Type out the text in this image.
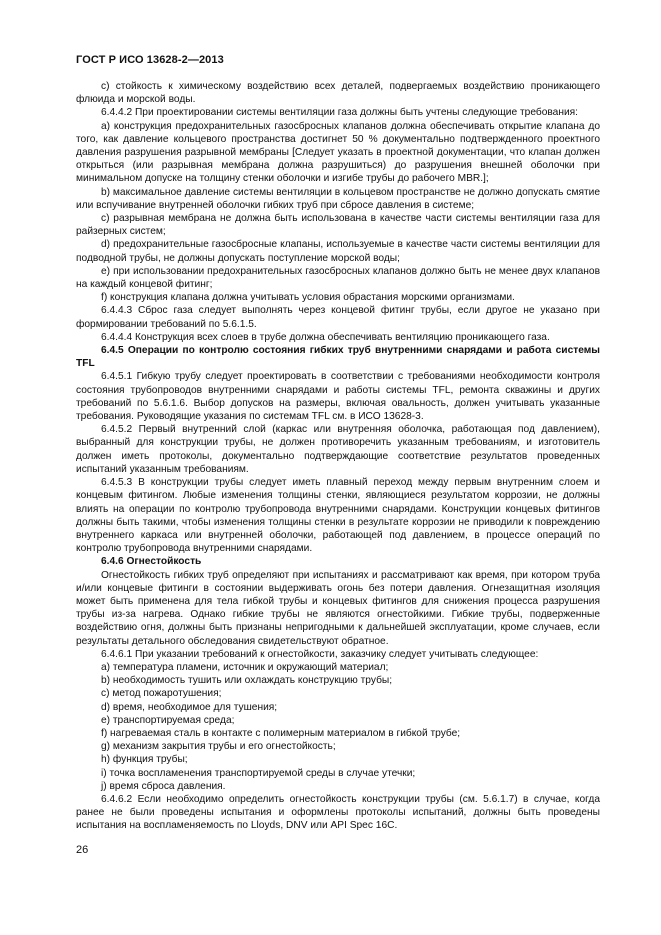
ГОСТ Р ИСО 13628-2—2013

с) стойкость к химическому воздействию всех деталей, подвергаемых воздействию проникающего флюида и морской воды.

6.4.4.2 При проектировании системы вентиляции газа должны быть учтены следующие требования:

а) конструкция предохранительных газосбросных клапанов должна обеспечивать открытие клапана до того, как давление кольцевого пространства достигнет 50 % документально подтвержденного проектного давления разрушения разрывной мембраны [Следует указать в проектной документации, что клапан должен открыться (или разрывная мембрана должна разрушиться) до разрушения внешней оболочки при минимальном допуске на толщину стенки оболочки и изгибе трубы до рабочего MBR.];

b) максимальное давление системы вентиляции в кольцевом пространстве не должно допускать смятие или вспучивание внутренней оболочки гибких труб при сбросе давления в системе;

с) разрывная мембрана не должна быть использована в качестве части системы вентиляции газа для райзерных систем;

d) предохранительные газосбросные клапаны, используемые в качестве части системы вентиляции для подводной трубы, не должны допускать поступление морской воды;

е) при использовании предохранительных газосбросных клапанов должно быть не менее двух клапанов на каждый концевой фитинг;

f) конструкция клапана должна учитывать условия обрастания морскими организмами.

6.4.4.3 Сброс газа следует выполнять через концевой фитинг трубы, если другое не указано при формировании требований по 5.6.1.5.

6.4.4.4 Конструкция всех слоев в трубе должна обеспечивать вентиляцию проникающего газа.

6.4.5 Операции по контролю состояния гибких труб внутренними снарядами и работа системы TFL

6.4.5.1 Гибкую трубу следует проектировать в соответствии с требованиями необходимости контроля состояния трубопроводов внутренними снарядами и работы системы TFL, ремонта скважины и других требований по 5.6.1.6. Выбор допусков на размеры, включая овальность, должен учитывать указанные требования. Руководящие указания по системам TFL см. в ИСО 13628-3.

6.4.5.2 Первый внутренний слой (каркас или внутренняя оболочка, работающая под давлением), выбранный для конструкции трубы, не должен противоречить указанным требованиям, и изготовитель должен иметь протоколы, документально подтверждающие соответствие результатов проведенных испытаний указанным требованиям.

6.4.5.3 В конструкции трубы следует иметь плавный переход между первым внутренним слоем и концевым фитингом. Любые изменения толщины стенки, являющиеся результатом коррозии, не должны влиять на операции по контролю трубопровода внутренними снарядами. Конструкции концевых фитингов должны быть такими, чтобы изменения толщины стенки в результате коррозии не приводили к повреждению внутреннего каркаса или внутренней оболочки, работающей под давлением, в процессе операций по контролю трубопровода внутренними снарядами.

6.4.6 Огнестойкость

Огнестойкость гибких труб определяют при испытаниях и рассматривают как время, при котором труба и/или концевые фитинги в состоянии выдерживать огонь без потери давления. Огнезащитная изоляция может быть применена для тела гибкой трубы и концевых фитингов для снижения процесса разрушения трубы из-за нагрева. Однако гибкие трубы не являются огнестойкими. Гибкие трубы, подверженные воздействию огня, должны быть признаны непригодными к дальнейшей эксплуатации, кроме случаев, если результаты детального обследования свидетельствуют обратное.

6.4.6.1 При указании требований к огнестойкости, заказчику следует учитывать следующее:

а) температура пламени, источник и окружающий материал;

b) необходимость тушить или охлаждать конструкцию трубы;

с) метод пожаротушения;

d) время, необходимое для тушения;

е) транспортируемая среда;

f) нагреваемая сталь в контакте с полимерным материалом в гибкой трубе;

g) механизм закрытия трубы и его огнестойкость;

h) функция трубы;

i) точка воспламенения транспортируемой среды в случае утечки;

j) время сброса давления.

6.4.6.2 Если необходимо определить огнестойкость конструкции трубы (см. 5.6.1.7) в случае, когда ранее не были проведены испытания и оформлены протоколы испытаний, должны быть проведены испытания на воспламеняемость по Lloyds, DNV или API Spec 16C.

26
